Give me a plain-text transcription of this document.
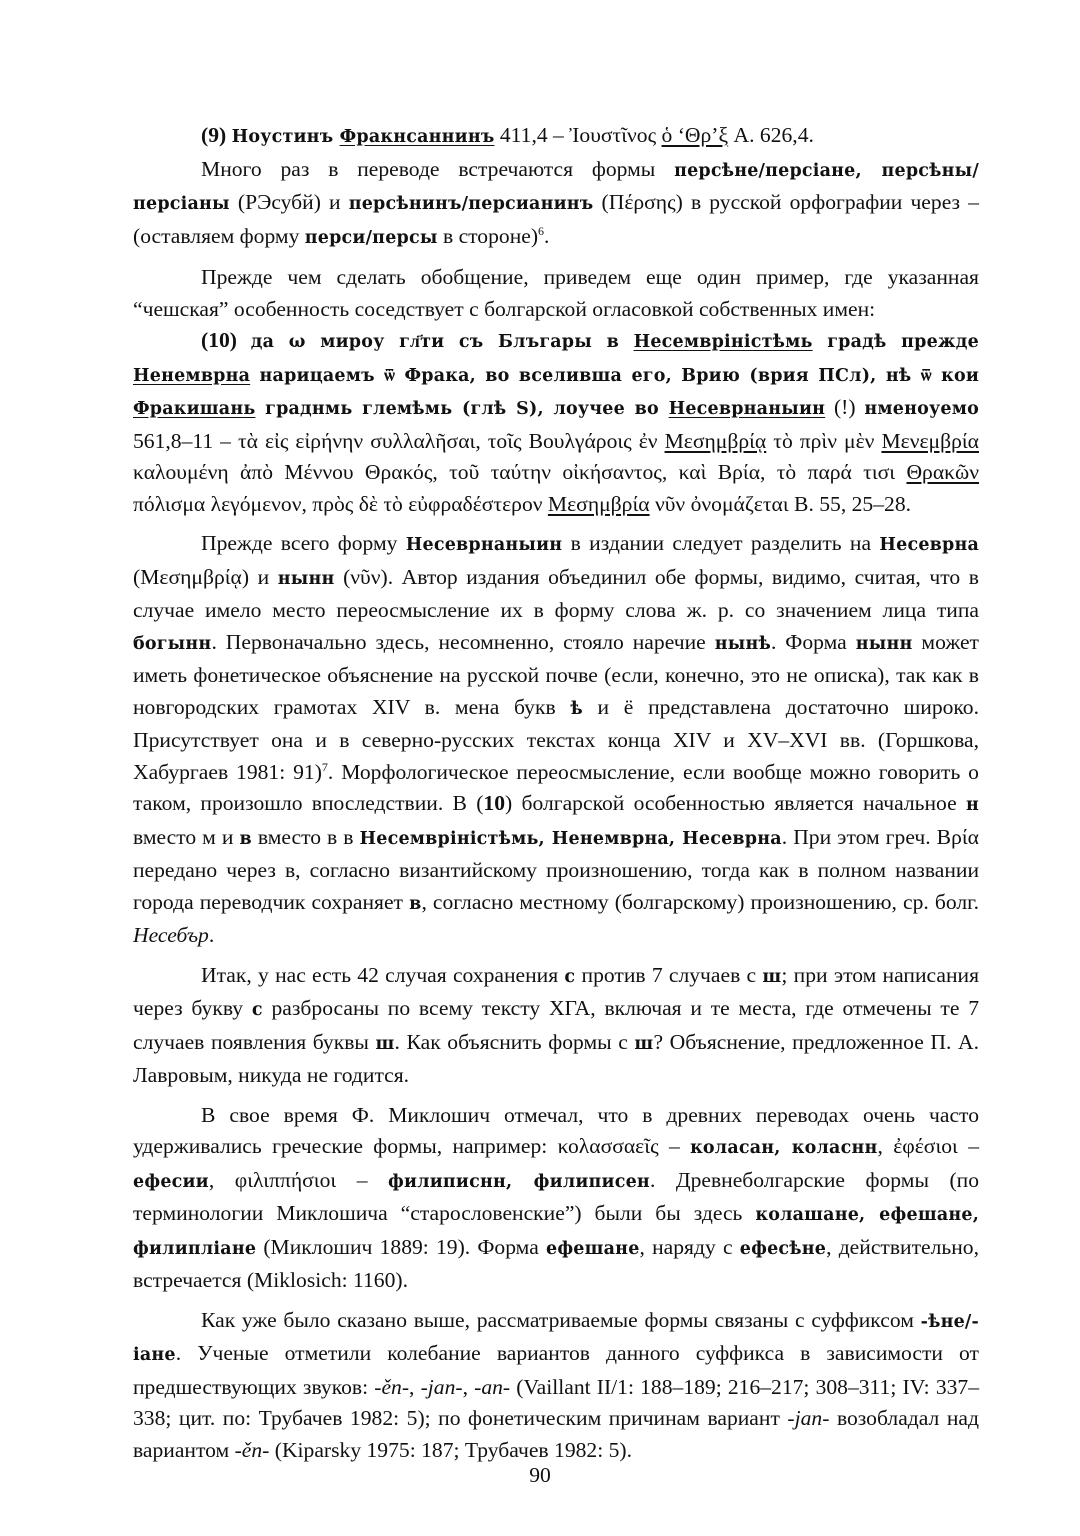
(9) Ноустинъ Фракнсаннинъ 411,4 – Ἰουστῖνος ὁ ‘Θρ’ξ А. 626,4.

Много раз в переводе встречаются формы персѣне/персiане, персѣны/персiаны (РЭсубй) и персѣнинъ/персианинъ (Πέρσης) в русской орфографии через – (оставляем форму перси/персы в стороне)$^6$.

Прежде чем сделать обобщение, приведем еще один пример, где указанная “чешская” особенность соседствует с болгарской огласовкой собственных имен:

(10) да ω мироу гл҃ти съ Блъгары в Несемвріністѣмь градѣ прежде Ненемврна нарицаемъ ѿ Фрака, во вселивша его, Врию (врия ПСл), нѣ ѿ кои Фракишань граднмь глемѣмь (глѣ S), лоучее во Несеврнаныин (!) нменоуемо 561,8–11 – τὰ εἰς εἰρήνην συλλαλῆσαι, τοῖς Βουλγάροις ἐν Μεσημβρίᾳ τὸ πρὶν μὲν Μενεμβρία καλουμένη ἀπὸ Μέννου Θρακός, τοῦ ταύτην οἰκήσαντος, καὶ Βρία, τὸ παρά τισι Θρακῶν πόλισμα λεγόμενον, πρὸς δὲ τὸ εὐφραδέστερον Μεσημβρία νῦν ὀνομάζεται В. 55, 25–28.

Прежде всего форму Несеврнаныин в издании следует разделить на Несеврна (Μεσημβρίᾳ) и нынн (νῦν). Автор издания объединил обе формы, видимо, считая, что в случае имело место переосмысление их в форму слова ж. р. со значением лица типа богынн. Первоначально здесь, несомненно, стояло наречие нынѣ. Форма нынн может иметь фонетическое объяснение на русской почве (если, конечно, это не описка), так как в новгородских грамотах XIV в. мена букв ѣ и ё представлена достаточно широко. Присутствует она и в северно-русских текстах конца XIV и XV–XVI вв. (Горшкова, Хабургаев 1981: 91)$^7$. Морфологическое переосмысление, если вообще можно говорить о таком, произошло впоследствии. В (10) болгарской особенностью является начальное н вместо м и в вместо в в Несемвріністѣмь, Ненемврна, Несеврна. При этом греч. Βρία передано через в, согласно византийскому произношению, тогда как в полном названии города переводчик сохраняет в, согласно местному (болгарскому) произношению, ср. болг. Несебър.

Итак, у нас есть 42 случая сохранения с против 7 случаев с ш; при этом написания через букву с разбросаны по всему тексту ХГА, включая и те места, где отмечены те 7 случаев появления буквы ш. Как объяснить формы с ш? Объяснение, предложенное П. А. Лавровым, никуда не годится.

В свое время Ф. Миклошич отмечал, что в древних переводах очень часто удерживались греческие формы, например: κολασσαεῖς – коласан, коласнн, ἐφέσιοι – ефесии, φιλιππήσιοι – филиписнн, филиписен. Древнеболгарские формы (по терминологии Миклошича “старословенские”) были бы здесь колашане, ефешане, филиплiане (Миклошич 1889: 19). Форма ефешане, наряду с ефесѣне, действительно, встречается (Miklosich: 1160).

Как уже было сказано выше, рассматриваемые формы связаны с суффиксом -ѣне/-iане. Ученые отметили колебание вариантов данного суффикса в зависимости от предшествующих звуков: -ěn-, -jan-, -an- (Vaillant II/1: 188–189; 216–217; 308–311; IV: 337–338; цит. по: Трубачев 1982: 5); по фонетическим причинам вариант -jan- возобладал над вариантом -ěn- (Kiparsky 1975: 187; Трубачев 1982: 5).

90
